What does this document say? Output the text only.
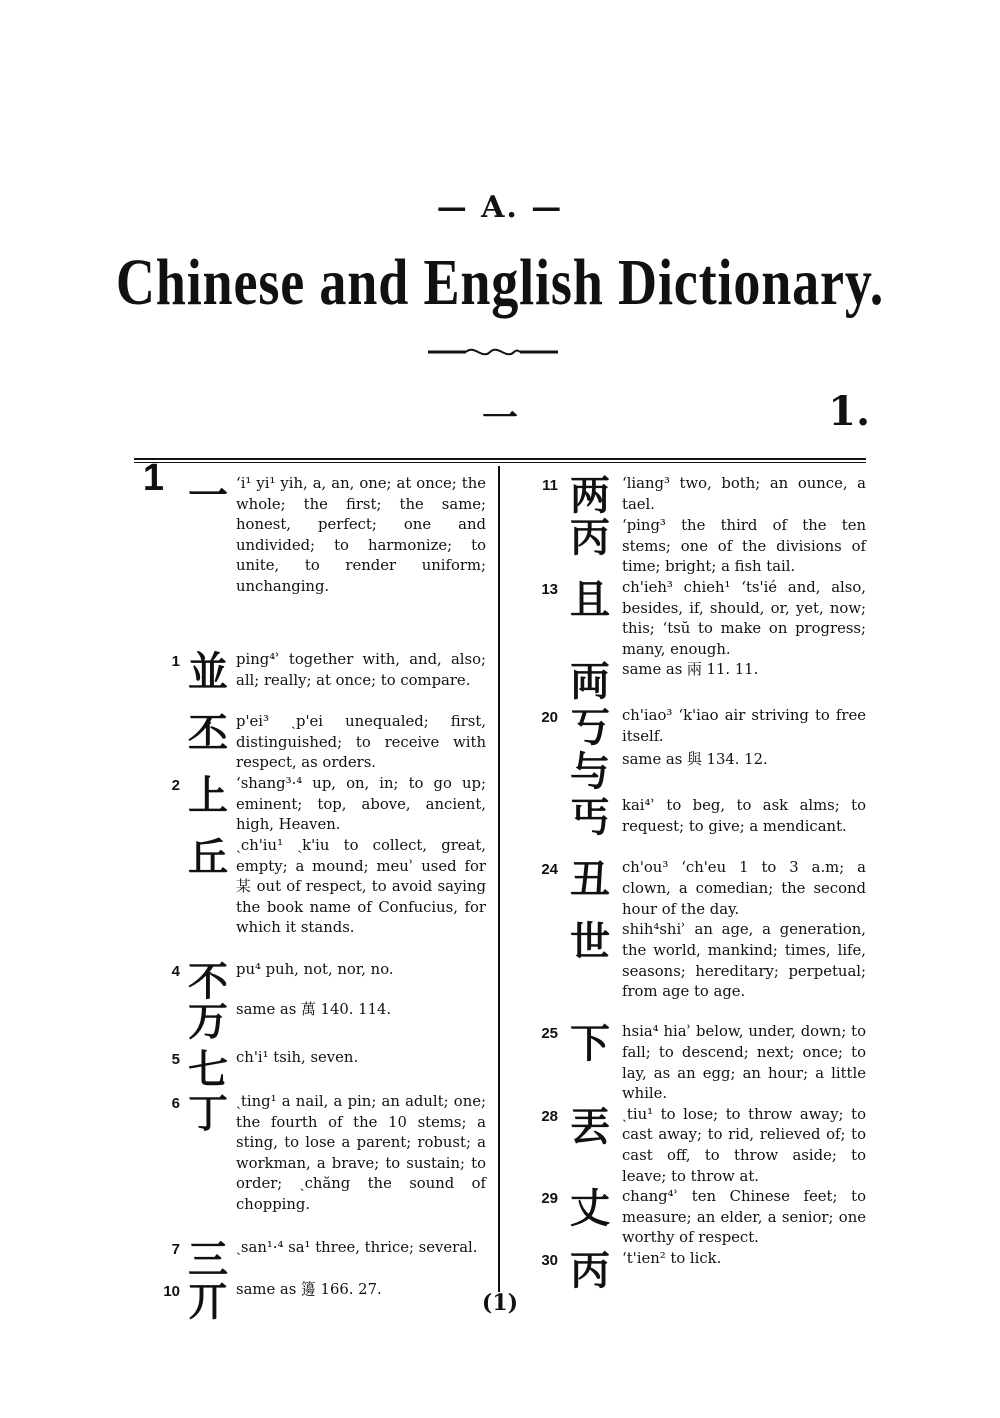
— A. —
Chinese and English Dictionary.
一	1.
1 一 ʻi¹ yi¹ yih, a, an, one; at once; the whole; the first; the same; honest, perfect; one and undivided; to harmonize; to unite, to render uniform; unchanging.
1 並 ping⁴ʾ together with, and, also; all; really; at once; to compare.
丕 p'ei³ ˏp'ei unequaled; first, distinguished; to receive with respect, as orders.
2 上 ʻshang³·⁴ up, on, in; to go up; eminent; top, above, ancient, high, Heaven.
丘 ˏch'iu¹ ˏk'iu to collect, great, empty; a mound; meuʾ used for 某 out of respect, to avoid saying the book name of Confucius, for which it stands.
4 不 pu⁴ puh, not, nor, no.
万 same as 萬 140. 114.
5 七 ch'i¹ tsih, seven.
6 丁 ˏting¹ a nail, a pin; an adult; one; the fourth of the 10 stems; a sting, to lose a parent; robust; a workman, a brave; to sustain; to order; ˏchăng the sound of chopping.
7 三 ˏsan¹·⁴ sa¹ three, thrice; several.
10 丌 same as 籩 166. 27.
11 两 ʻliang³ two, both; an ounce, a tael.
丙 ʻping³ the third of the ten stems; one of the divisions of time; bright; a fish tail.
13 且 ch'ieh³ chieh¹ ʻts'ié and, also, besides, if, should, or, yet, now; this; ʻtsŭ to make on progress; many, enough.
両 same as 兩 11. 11.
20 丂 ch'iao³ ʻk'iao air striving to free itself.
与 same as 與 134. 12.
丐 kai⁴ʾ to beg, to ask alms; to request; to give; a mendicant.
24 丑 ch'ou³ ʻch'eu 1 to 3 a.m; a clown, a comedian; the second hour of the day.
世 shih⁴shiʾ an age, a generation, the world, mankind; times, life, seasons; hereditary; perpetual; from age to age.
25 下 hsia⁴ hiaʾ below, under, down; to fall; to descend; next; once; to lay, as an egg; an hour; a little while.
28 丟 ˏtiu¹ to lose; to throw away; to cast away; to rid, relieved of; to cast off, to throw aside; to leave; to throw at.
29 丈 chang⁴ʾ ten Chinese feet; to measure; an elder, a senior; one worthy of respect.
30 丙 ʻt'ien² to lick.
(1)
